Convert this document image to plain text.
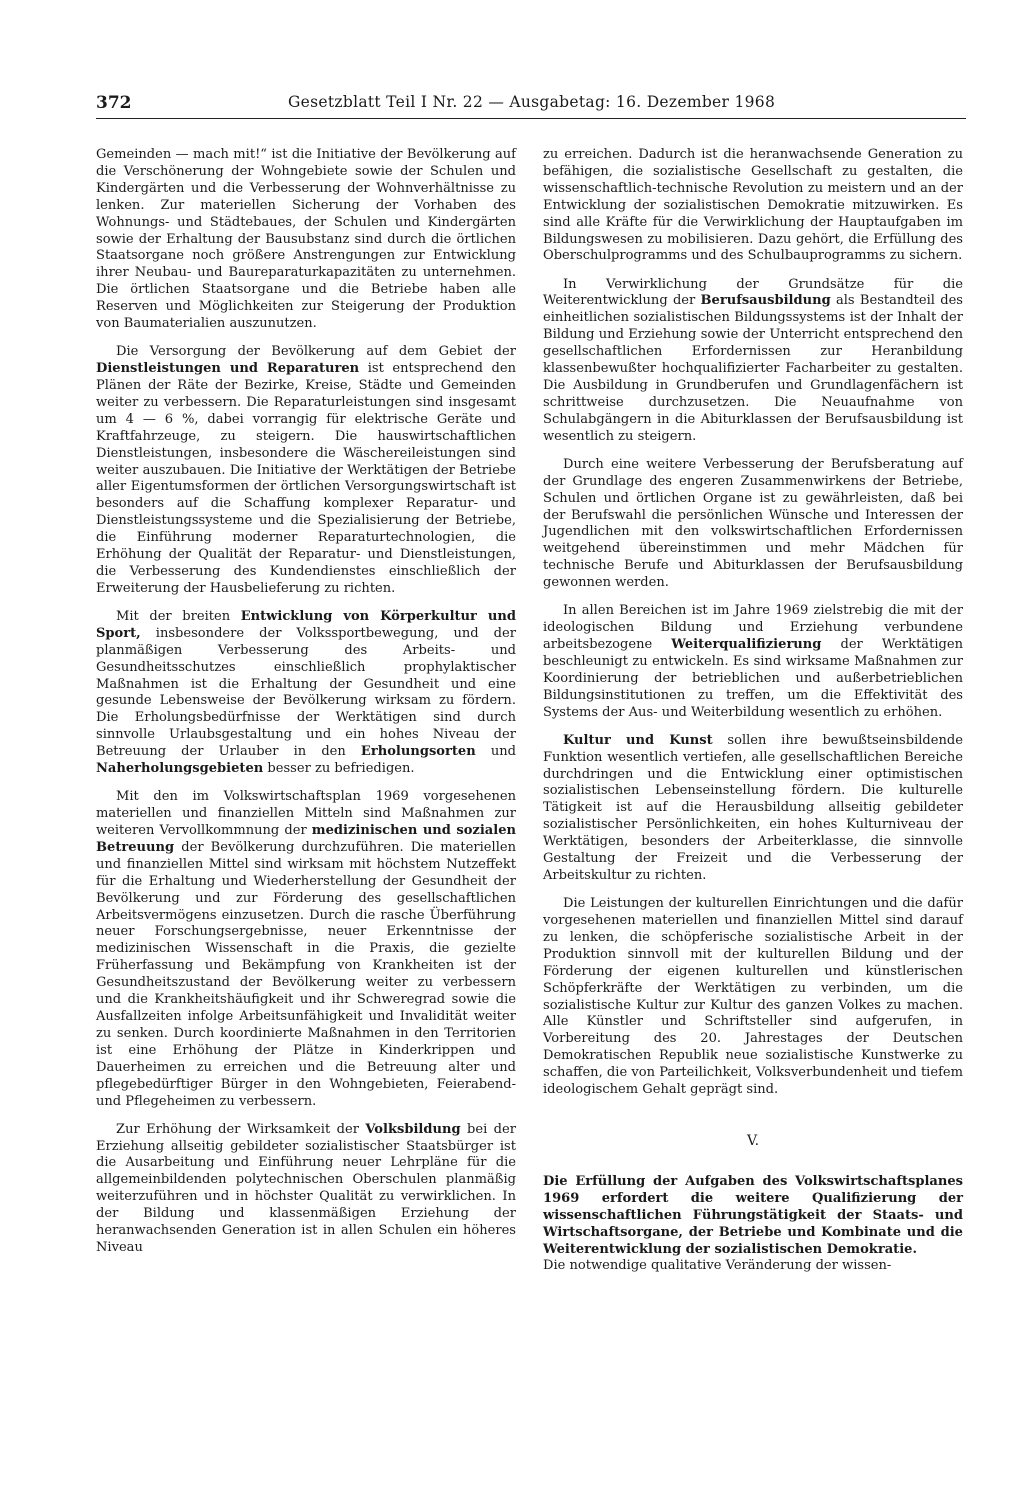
372	Gesetzblatt Teil I Nr. 22 — Ausgabetag: 16. Dezember 1968

Gemeinden — mach mit!“ ist die Initiative der Bevölkerung auf die Verschönerung der Wohngebiete sowie der Schulen und Kindergärten und die Verbesserung der Wohnverhältnisse zu lenken. Zur materiellen Sicherung der Vorhaben des Wohnungs- und Städtebaues, der Schulen und Kindergärten sowie der Erhaltung der Bausubstanz sind durch die örtlichen Staatsorgane noch größere Anstrengungen zur Entwicklung ihrer Neubau- und Baureparaturkapazitäten zu unternehmen. Die örtlichen Staatsorgane und die Betriebe haben alle Reserven und Möglichkeiten zur Steigerung der Produktion von Baumaterialien auszunutzen.

Die Versorgung der Bevölkerung auf dem Gebiet der Dienstleistungen und Reparaturen ist entsprechend den Plänen der Räte der Bezirke, Kreise, Städte und Gemeinden weiter zu verbessern. Die Reparaturleistungen sind insgesamt um 4 — 6 %, dabei vorrangig für elektrische Geräte und Kraftfahrzeuge, zu steigern. Die hauswirtschaftlichen Dienstleistungen, insbesondere die Wäschereileistungen sind weiter auszubauen. Die Initiative der Werktätigen der Betriebe aller Eigentumsformen der örtlichen Versorgungswirtschaft ist besonders auf die Schaffung komplexer Reparatur- und Dienstleistungssysteme und die Spezialisierung der Betriebe, die Einführung moderner Reparaturtechnologien, die Erhöhung der Qualität der Reparatur- und Dienstleistungen, die Verbesserung des Kundendienstes einschließlich der Erweiterung der Hausbelieferung zu richten.

Mit der breiten Entwicklung von Körperkultur und Sport, insbesondere der Volkssportbewegung, und der planmäßigen Verbesserung des Arbeits- und Gesundheitsschutzes einschließlich prophylaktischer Maßnahmen ist die Erhaltung der Gesundheit und eine gesunde Lebensweise der Bevölkerung wirksam zu fördern. Die Erholungsbedürfnisse der Werktätigen sind durch sinnvolle Urlaubsgestaltung und ein hohes Niveau der Betreuung der Urlauber in den Erholungsorten und Naherholungsgebieten besser zu befriedigen.

Mit den im Volkswirtschaftsplan 1969 vorgesehenen materiellen und finanziellen Mitteln sind Maßnahmen zur weiteren Vervollkommnung der medizinischen und sozialen Betreuung der Bevölkerung durchzuführen. Die materiellen und finanziellen Mittel sind wirksam mit höchstem Nutzeffekt für die Erhaltung und Wiederherstellung der Gesundheit der Bevölkerung und zur Förderung des gesellschaftlichen Arbeitsvermögens einzusetzen. Durch die rasche Überführung neuer Forschungsergebnisse, neuer Erkenntnisse der medizinischen Wissenschaft in die Praxis, die gezielte Früherfassung und Bekämpfung von Krankheiten ist der Gesundheitszustand der Bevölkerung weiter zu verbessern und die Krankheitshäufigkeit und ihr Schweregrad sowie die Ausfallzeiten infolge Arbeitsunfähigkeit und Invalidität weiter zu senken. Durch koordinierte Maßnahmen in den Territorien ist eine Erhöhung der Plätze in Kinderkrippen und Dauerheimen zu erreichen und die Betreuung alter und pflegebedürftiger Bürger in den Wohngebieten, Feierabend- und Pflegeheimen zu verbessern.

Zur Erhöhung der Wirksamkeit der Volksbildung bei der Erziehung allseitig gebildeter sozialistischer Staatsbürger ist die Ausarbeitung und Einführung neuer Lehrpläne für die allgemeinbildenden polytechnischen Oberschulen planmäßig weiterzuführen und in höchster Qualität zu verwirklichen. In der Bildung und klassenmäßigen Erziehung der heranwachsenden Generation ist in allen Schulen ein höheres Niveau

zu erreichen. Dadurch ist die heranwachsende Generation zu befähigen, die sozialistische Gesellschaft zu gestalten, die wissenschaftlich-technische Revolution zu meistern und an der Entwicklung der sozialistischen Demokratie mitzuwirken. Es sind alle Kräfte für die Verwirklichung der Hauptaufgaben im Bildungswesen zu mobilisieren. Dazu gehört, die Erfüllung des Oberschulprogramms und des Schulbauprogramms zu sichern.

In Verwirklichung der Grundsätze für die Weiterentwicklung der Berufsausbildung als Bestandteil des einheitlichen sozialistischen Bildungssystems ist der Inhalt der Bildung und Erziehung sowie der Unterricht entsprechend den gesellschaftlichen Erfordernissen zur Heranbildung klassenbewußter hochqualifizierter Facharbeiter zu gestalten. Die Ausbildung in Grundberufen und Grundlagenfächern ist schrittweise durchzusetzen. Die Neuaufnahme von Schulabgängern in die Abiturklassen der Berufsausbildung ist wesentlich zu steigern.

Durch eine weitere Verbesserung der Berufsberatung auf der Grundlage des engeren Zusammenwirkens der Betriebe, Schulen und örtlichen Organe ist zu gewährleisten, daß bei der Berufswahl die persönlichen Wünsche und Interessen der Jugendlichen mit den volkswirtschaftlichen Erfordernissen weitgehend übereinstimmen und mehr Mädchen für technische Berufe und Abiturklassen der Berufsausbildung gewonnen werden.

In allen Bereichen ist im Jahre 1969 zielstrebig die mit der ideologischen Bildung und Erziehung verbundene arbeitsbezogene Weiterqualifizierung der Werktätigen beschleunigt zu entwickeln. Es sind wirksame Maßnahmen zur Koordinierung der betrieblichen und außerbetrieblichen Bildungsinstitutionen zu treffen, um die Effektivität des Systems der Aus- und Weiterbildung wesentlich zu erhöhen.

Kultur und Kunst sollen ihre bewußtseinsbildende Funktion wesentlich vertiefen, alle gesellschaftlichen Bereiche durchdringen und die Entwicklung einer optimistischen sozialistischen Lebenseinstellung fördern. Die kulturelle Tätigkeit ist auf die Herausbildung allseitig gebildeter sozialistischer Persönlichkeiten, ein hohes Kulturniveau der Werktätigen, besonders der Arbeiterklasse, die sinnvolle Gestaltung der Freizeit und die Verbesserung der Arbeitskultur zu richten.

Die Leistungen der kulturellen Einrichtungen und die dafür vorgesehenen materiellen und finanziellen Mittel sind darauf zu lenken, die schöpferische sozialistische Arbeit in der Produktion sinnvoll mit der kulturellen Bildung und der Förderung der eigenen kulturellen und künstlerischen Schöpferkräfte der Werktätigen zu verbinden, um die sozialistische Kultur zur Kultur des ganzen Volkes zu machen. Alle Künstler und Schriftsteller sind aufgerufen, in Vorbereitung des 20. Jahrestages der Deutschen Demokratischen Republik neue sozialistische Kunstwerke zu schaffen, die von Parteilichkeit, Volksverbundenheit und tiefem ideologischem Gehalt geprägt sind.

V.

Die Erfüllung der Aufgaben des Volkswirtschaftsplanes 1969 erfordert die weitere Qualifizierung der wissenschaftlichen Führungstätigkeit der Staats- und Wirtschaftsorgane, der Betriebe und Kombinate und die Weiterentwicklung der sozialistischen Demokratie.

Die notwendige qualitative Veränderung der wissen-
